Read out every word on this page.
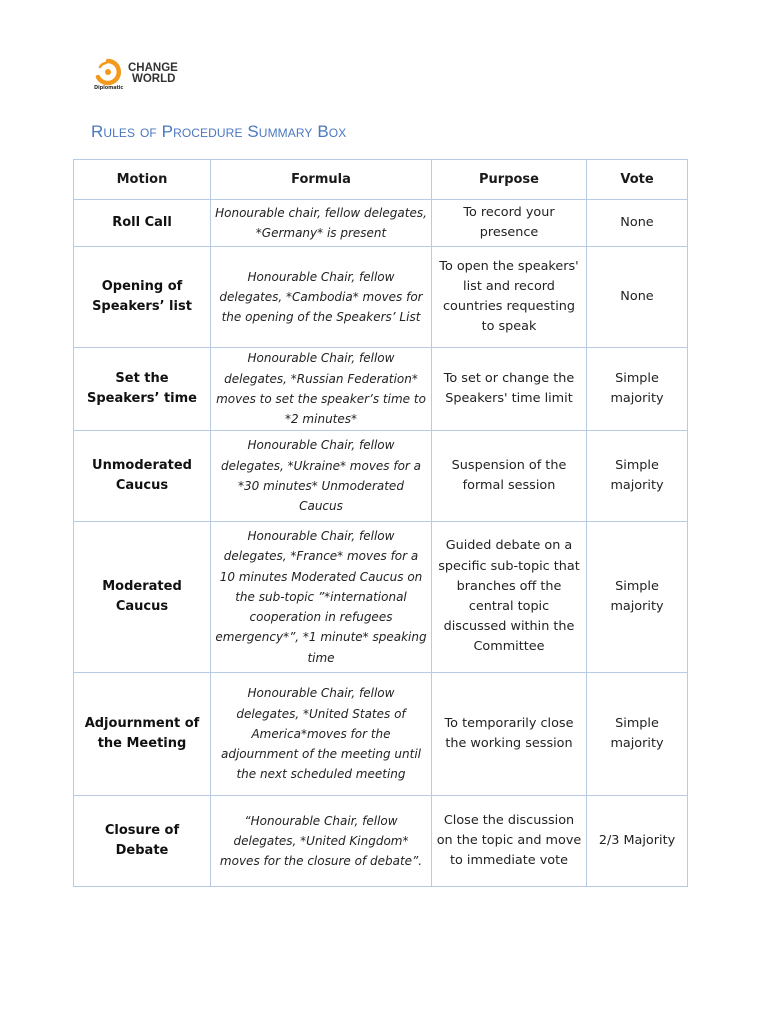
Diplomatic
CHANGE
WORLD
Rules of Procedure Summary Box
Motion	Formula	Purpose	Vote
Roll Call	Honourable chair, fellow delegates, *Germany* is present	To record your presence	None
Opening of Speakers’ list	Honourable Chair, fellow delegates, *Cambodia* moves for the opening of the Speakers’ List	To open the speakers' list and record countries requesting to speak	None
Set the Speakers’ time	Honourable Chair, fellow delegates, *Russian Federation* moves to set the speaker’s time to *2 minutes*	To set or change the Speakers' time limit	Simple majority
Unmoderated Caucus	Honourable Chair, fellow delegates, *Ukraine* moves for a *30 minutes* Unmoderated Caucus	Suspension of the formal session	Simple majority
Moderated Caucus	Honourable Chair, fellow delegates, *France* moves for a 10 minutes Moderated Caucus on the sub-topic ”*international cooperation in refugees emergency*”, *1 minute* speaking time	Guided debate on a specific sub-topic that branches off the central topic discussed within the Committee	Simple majority
Adjournment of the Meeting	Honourable Chair, fellow delegates, *United States of America*moves for the adjournment of the meeting until the next scheduled meeting	To temporarily close the working session	Simple majority
Closure of Debate	“Honourable Chair, fellow delegates, *United Kingdom* moves for the closure of debate”.	Close the discussion on the topic and move to immediate vote	2/3 Majority
